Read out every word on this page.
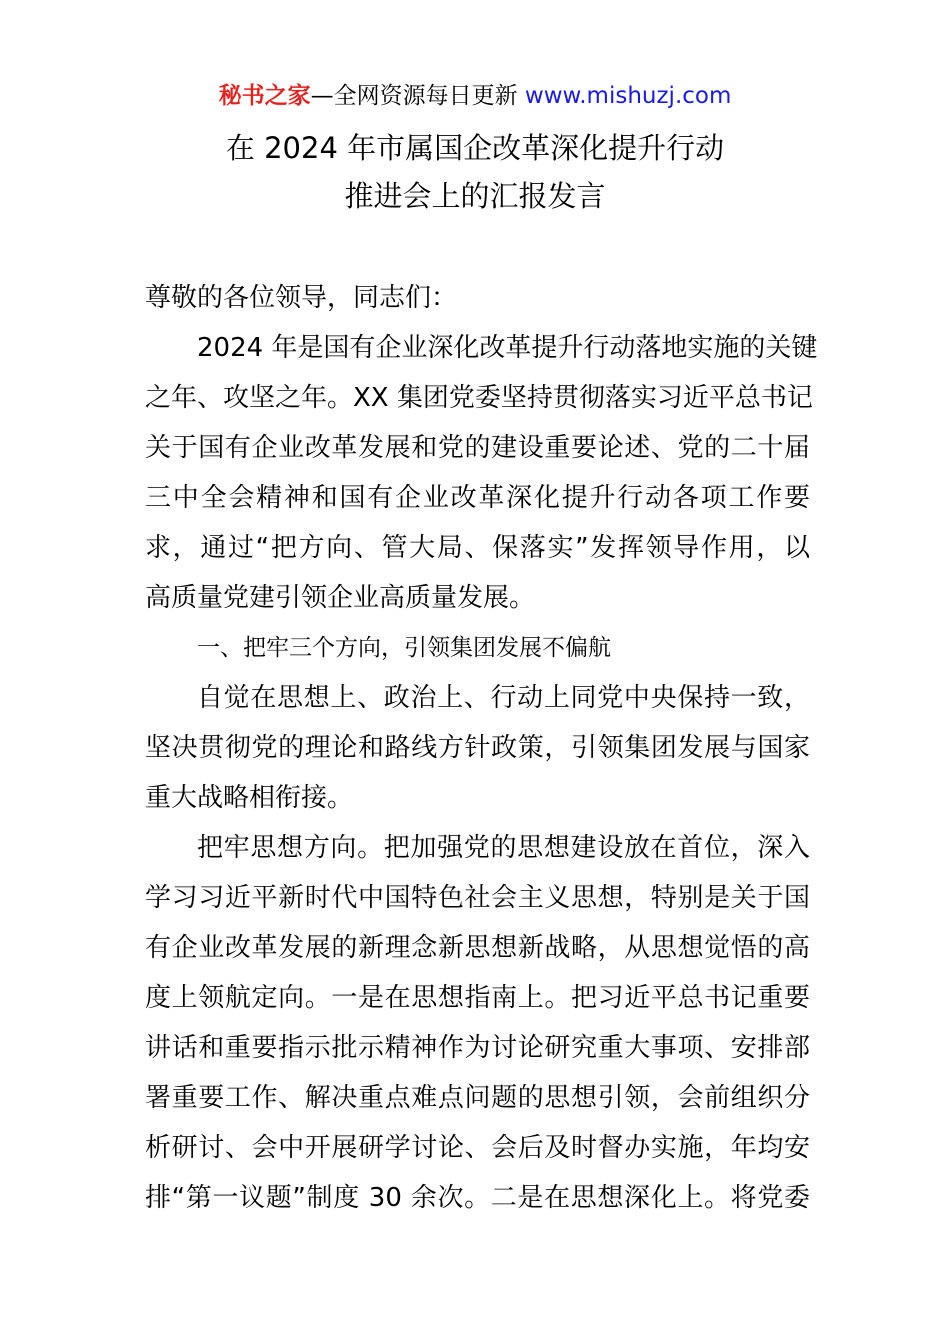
秘书之家—全网资源每日更新 www.mishuzj.com
在 2024 年市属国企改革深化提升行动
推进会上的汇报发言
尊敬的各位领导，同志们：
2024 年是国有企业深化改革提升行动落地实施的关键
之年、攻坚之年。XX 集团党委坚持贯彻落实习近平总书记
关于国有企业改革发展和党的建设重要论述、党的二十届
三中全会精神和国有企业改革深化提升行动各项工作要
求，通过“把方向、管大局、保落实”发挥领导作用，以
高质量党建引领企业高质量发展。
一、把牢三个方向，引领集团发展不偏航
自觉在思想上、政治上、行动上同党中央保持一致，
坚决贯彻党的理论和路线方针政策，引领集团发展与国家
重大战略相衔接。
把牢思想方向。把加强党的思想建设放在首位，深入
学习习近平新时代中国特色社会主义思想，特别是关于国
有企业改革发展的新理念新思想新战略，从思想觉悟的高
度上领航定向。一是在思想指南上。把习近平总书记重要
讲话和重要指示批示精神作为讨论研究重大事项、安排部
署重要工作、解决重点难点问题的思想引领，会前组织分
析研讨、会中开展研学讨论、会后及时督办实施，年均安
排“第一议题”制度 30 余次。二是在思想深化上。将党委
